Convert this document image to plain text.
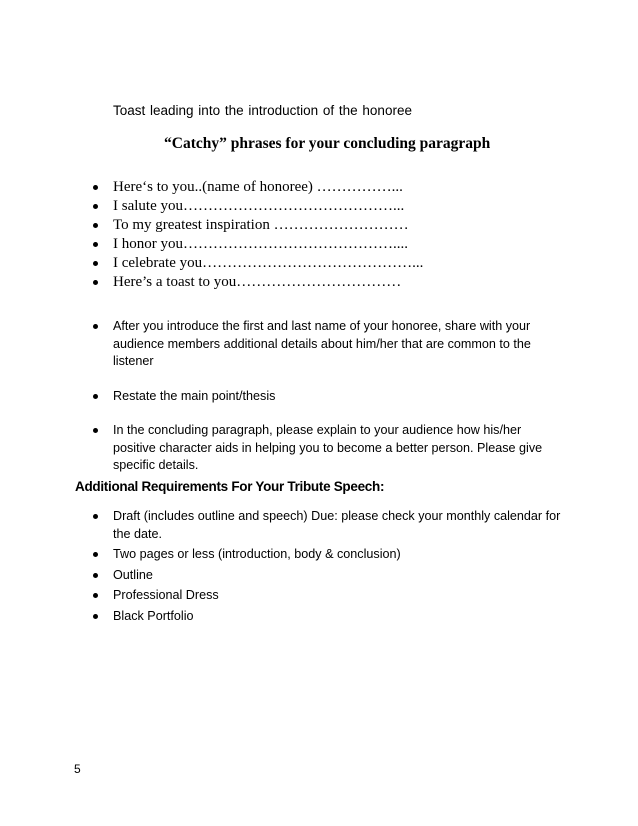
Toast leading into the introduction of the honoree
“Catchy” phrases for your concluding paragraph
Here‘s to you..(name of honoree) ……………...
I salute you……………………………………...
To my greatest inspiration ………………………
I honor you……………………………………....
I celebrate you……………………………………...
Here’s a toast to you……………………………
After you introduce the first and last name of your honoree, share with your audience members additional details about him/her that are common to the listener
Restate the main point/thesis
In the concluding paragraph, please explain to your audience how his/her positive character aids in helping you to become a better person. Please give specific details.
Additional Requirements For Your Tribute Speech:
Draft (includes outline and speech) Due: please check your monthly calendar for the date.
Two pages or less (introduction, body & conclusion)
Outline
Professional Dress
Black Portfolio
5
